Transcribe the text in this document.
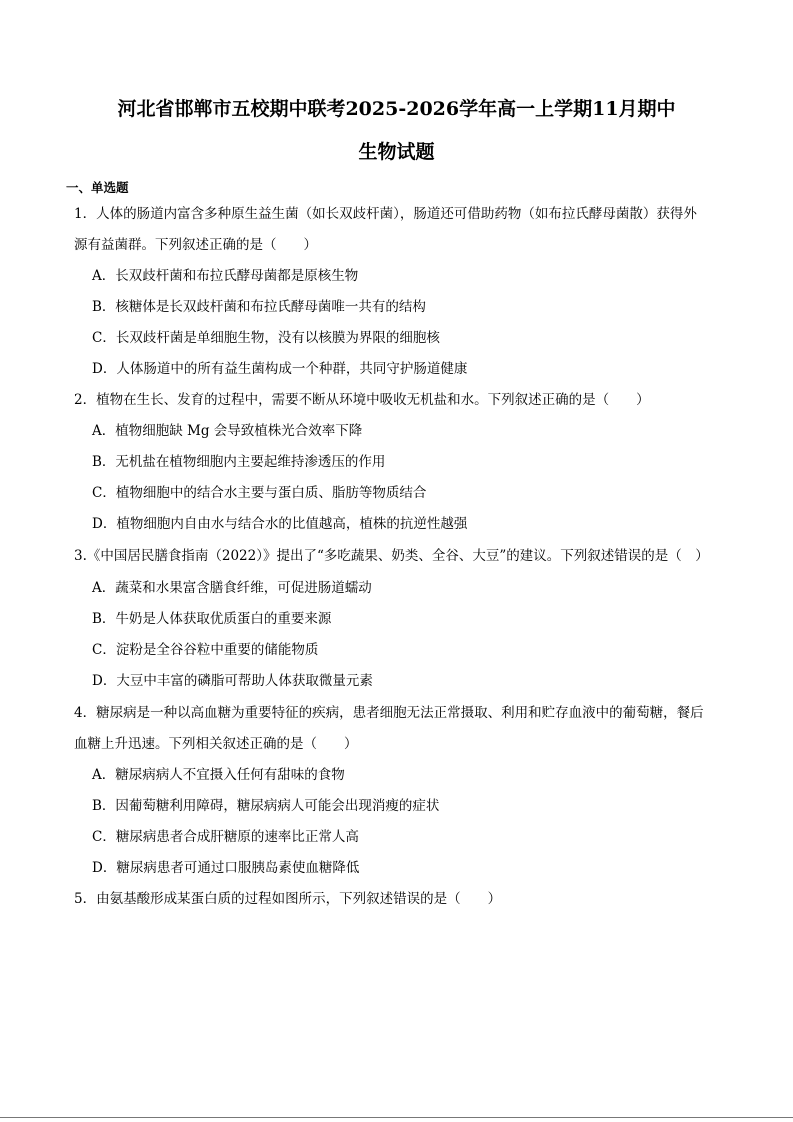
河北省邯郸市五校期中联考2025-2026学年高一上学期11月期中
生物试题
一、单选题
1．人体的肠道内富含多种原生益生菌（如长双歧杆菌），肠道还可借助药物（如布拉氏酵母菌散）获得外
源有益菌群。下列叙述正确的是（　　）
A．长双歧杆菌和布拉氏酵母菌都是原核生物
B．核糖体是长双歧杆菌和布拉氏酵母菌唯一共有的结构
C．长双歧杆菌是单细胞生物，没有以核膜为界限的细胞核
D．人体肠道中的所有益生菌构成一个种群，共同守护肠道健康
2．植物在生长、发育的过程中，需要不断从环境中吸收无机盐和水。下列叙述正确的是（　　）
A．植物细胞缺 Mg 会导致植株光合效率下降
B．无机盐在植物细胞内主要起维持渗透压的作用
C．植物细胞中的结合水主要与蛋白质、脂肪等物质结合
D．植物细胞内自由水与结合水的比值越高，植株的抗逆性越强
3.《中国居民膳食指南（2022）》提出了“多吃蔬果、奶类、全谷、大豆”的建议。下列叙述错误的是（　）
A．蔬菜和水果富含膳食纤维，可促进肠道蠕动
B．牛奶是人体获取优质蛋白的重要来源
C．淀粉是全谷谷粒中重要的储能物质
D．大豆中丰富的磷脂可帮助人体获取微量元素
4．糖尿病是一种以高血糖为重要特征的疾病，患者细胞无法正常摄取、利用和贮存血液中的葡萄糖，餐后
血糖上升迅速。下列相关叙述正确的是（　　）
A．糖尿病病人不宜摄入任何有甜味的食物
B．因葡萄糖利用障碍，糖尿病病人可能会出现消瘦的症状
C．糖尿病患者合成肝糖原的速率比正常人高
D．糖尿病患者可通过口服胰岛素使血糖降低
5．由氨基酸形成某蛋白质的过程如图所示，下列叙述错误的是（　　）
